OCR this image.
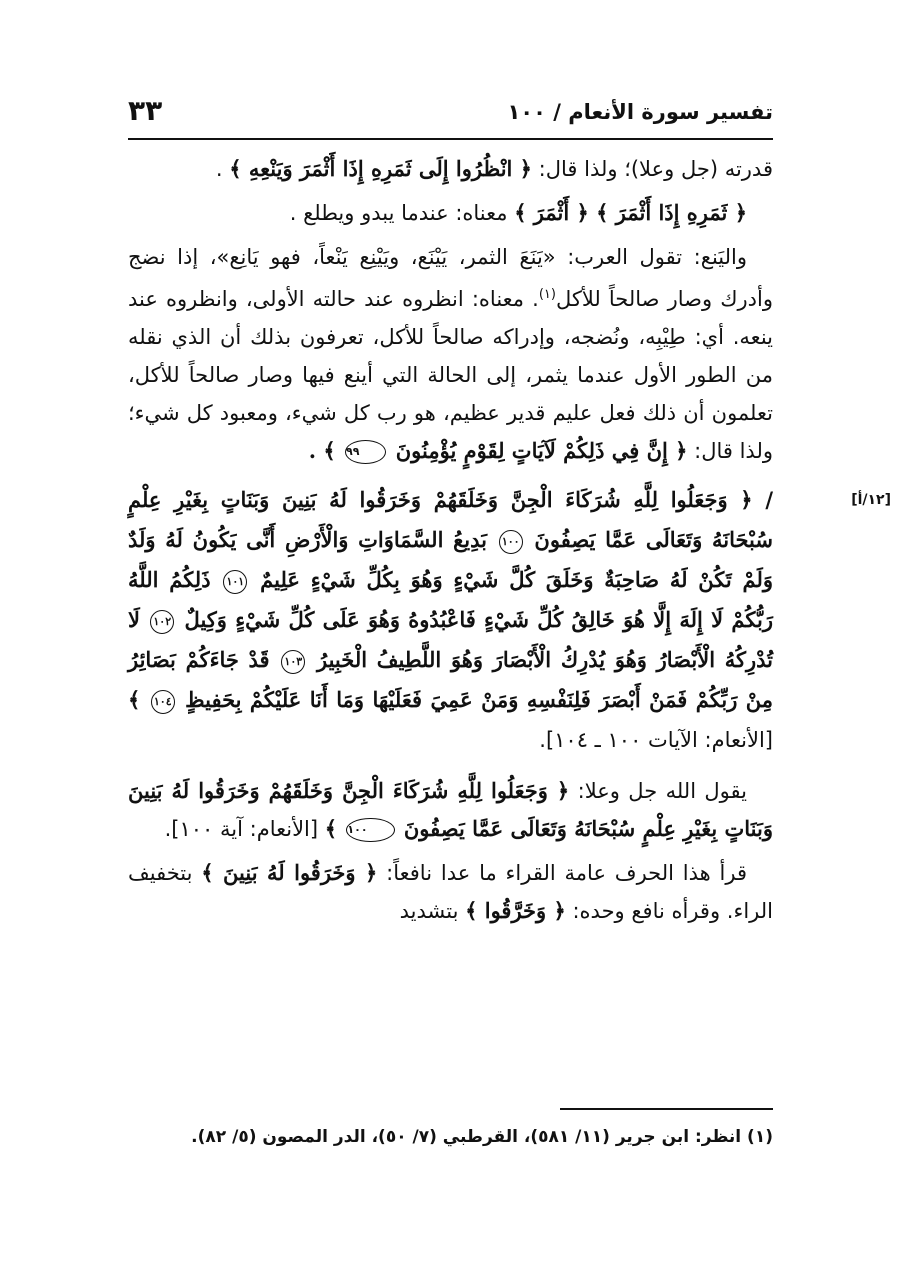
تفسير سورة الأنعام / ١٠٠
٣٣

قدرته (جل وعلا)؛ ولذا قال: ﴿ انْظُرُوا إِلَى ثَمَرِهِ إِذَا أَثْمَرَ وَيَنْعِهِ ﴾ .

﴿ ثَمَرِهِ إِذَا أَثْمَرَ ﴾ ﴿ أَثْمَرَ ﴾ معناه: عندما يبدو ويطلع .

واليَنع: تقول العرب: «يَنَعَ الثمر، يَيْنَع، ويَيْنِع يَنْعاً، فهو يَانِع»، إذا نضج وأدرك وصار صالحاً للأكل$^{(١)}$. معناه: انظروه عند حالته الأولى، وانظروه عند ينعه. أي: طِيْبِه، ونُضجه، وإدراكه صالحاً للأكل، تعرفون بذلك أن الذي نقله من الطور الأول عندما يثمر، إلى الحالة التي أينع فيها وصار صالحاً للأكل، تعلمون أن ذلك فعل عليم قدير عظيم، هو رب كل شيء، ومعبود كل شيء؛ ولذا قال: ﴿ إِنَّ فِي ذَلِكُمْ لَآيَاتٍ لِقَوْمٍ يُؤْمِنُونَ ٩٩ ﴾ .

[١٢/أ]
/ ﴿ وَجَعَلُوا لِلَّهِ شُرَكَاءَ الْجِنَّ وَخَلَقَهُمْ وَخَرَقُوا لَهُ بَنِينَ وَبَنَاتٍ بِغَيْرِ عِلْمٍ سُبْحَانَهُ وَتَعَالَى عَمَّا يَصِفُونَ ١٠٠ بَدِيعُ السَّمَاوَاتِ وَالْأَرْضِ أَنَّى يَكُونُ لَهُ وَلَدٌ وَلَمْ تَكُنْ لَهُ صَاحِبَةٌ وَخَلَقَ كُلَّ شَيْءٍ وَهُوَ بِكُلِّ شَيْءٍ عَلِيمٌ ١٠١ ذَلِكُمُ اللَّهُ رَبُّكُمْ لَا إِلَهَ إِلَّا هُوَ خَالِقُ كُلِّ شَيْءٍ فَاعْبُدُوهُ وَهُوَ عَلَى كُلِّ شَيْءٍ وَكِيلٌ ١٠٢ لَا تُدْرِكُهُ الْأَبْصَارُ وَهُوَ يُدْرِكُ الْأَبْصَارَ وَهُوَ اللَّطِيفُ الْخَبِيرُ ١٠٣ قَدْ جَاءَكُمْ بَصَائِرُ مِنْ رَبِّكُمْ فَمَنْ أَبْصَرَ فَلِنَفْسِهِ وَمَنْ عَمِيَ فَعَلَيْهَا وَمَا أَنَا عَلَيْكُمْ بِحَفِيظٍ ١٠٤ ﴾ [الأنعام: الآيات ١٠٠ ـ ١٠٤].

يقول الله جل وعلا: ﴿ وَجَعَلُوا لِلَّهِ شُرَكَاءَ الْجِنَّ وَخَلَقَهُمْ وَخَرَقُوا لَهُ بَنِينَ وَبَنَاتٍ بِغَيْرِ عِلْمٍ سُبْحَانَهُ وَتَعَالَى عَمَّا يَصِفُونَ ١٠٠ ﴾ [الأنعام: آية ١٠٠].

قرأ هذا الحرف عامة القراء ما عدا نافعاً: ﴿ وَخَرَقُوا لَهُ بَنِينَ ﴾ بتخفيف الراء. وقرأه نافع وحده: ﴿ وَخَرَّقُوا ﴾ بتشديد

(١) انظر: ابن جرير (١١/ ٥٨١)، القرطبي (٧/ ٥٠)، الدر المصون (٥/ ٨٢).
